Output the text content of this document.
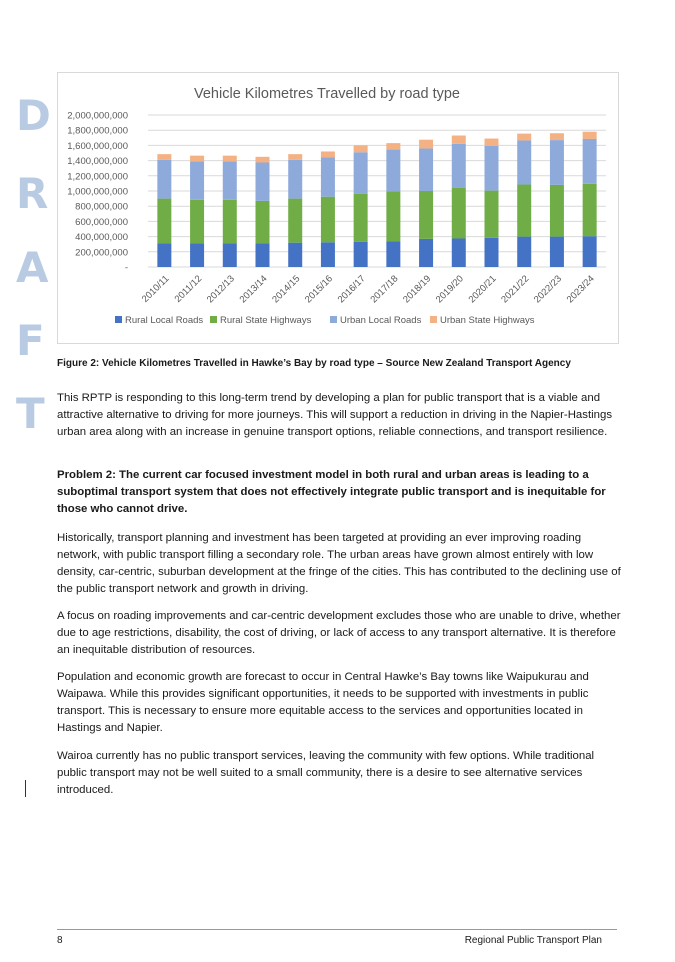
D
R
A
F
T
Vehicle Kilometres Travelled by road type
-
200,000,000
400,000,000
600,000,000
800,000,000
1,000,000,000
1,200,000,000
1,400,000,000
1,600,000,000
1,800,000,000
2,000,000,000
2010/11 2011/12 2012/13 2013/14 2014/15 2015/16 2016/17 2017/18 2018/19 2019/20 2020/21 2021/22 2022/23 2023/24
Rural Local Roads Rural State Highways	Urban Local Roads Urban State Highways
Figure 2: Vehicle Kilometres Travelled in Hawke’s Bay by road type – Source New Zealand Transport Agency

This RPTP is responding to this long-term trend by developing a plan for public transport that is a viable and attractive alternative to driving for more journeys. This will support a reduction in driving in the Napier-Hastings urban area along with an increase in genuine transport options, reliable connections, and transport resilience.

Problem 2: The current car focused investment model in both rural and urban areas is leading to a suboptimal transport system that does not effectively integrate public transport and is inequitable for those who cannot drive.

Historically, transport planning and investment has been targeted at providing an ever improving roading network, with public transport filling a secondary role. The urban areas have grown almost entirely with low density, car-centric, suburban development at the fringe of the cities. This has contributed to the declining use of the public transport network and growth in driving.

A focus on roading improvements and car-centric development excludes those who are unable to drive, whether due to age restrictions, disability, the cost of driving, or lack of access to any transport alternative. It is therefore an inequitable distribution of resources.

Population and economic growth are forecast to occur in Central Hawke’s Bay towns like Waipukurau and Waipawa. While this provides significant opportunities, it needs to be supported with investments in public transport. This is necessary to ensure more equitable access to the services and opportunities located in Hastings and Napier.

Wairoa currently has no public transport services, leaving the community with few options. While traditional public transport may not be well suited to a small community, there is a desire to see alternative services introduced.

8	Regional Public Transport Plan
